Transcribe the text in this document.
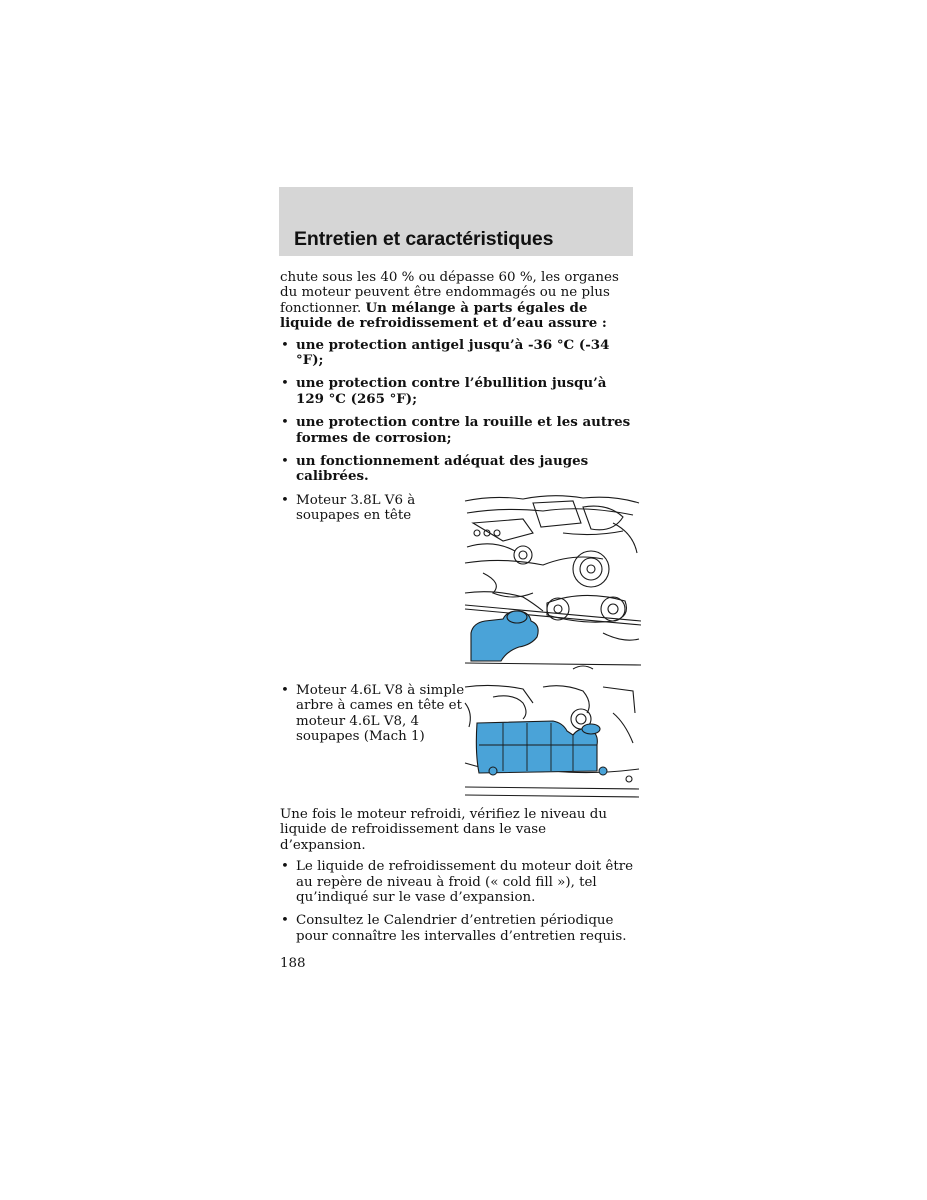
Entretien et caractéristiques

chute sous les 40 % ou dépasse 60 %, les organes du moteur peuvent être endommagés ou ne plus fonctionner. Un mélange à parts égales de liquide de refroidissement et d’eau assure :

• une protection antigel jusqu’à -36 °C (-34 °F);
• une protection contre l’ébullition jusqu’à 129 °C (265 °F);
• une protection contre la rouille et les autres formes de corrosion;
• un fonctionnement adéquat des jauges calibrées.
• Moteur 3.8L V6 à soupapes en tête
• Moteur 4.6L V8 à simple arbre à cames en tête et moteur 4.6L V8, 4 soupapes (Mach 1)

Une fois le moteur refroidi, vérifiez le niveau du liquide de refroidissement dans le vase d’expansion.

• Le liquide de refroidissement du moteur doit être au repère de niveau à froid (« cold fill »), tel qu’indiqué sur le vase d’expansion.
• Consultez le Calendrier d’entretien périodique pour connaître les intervalles d’entretien requis.
188
